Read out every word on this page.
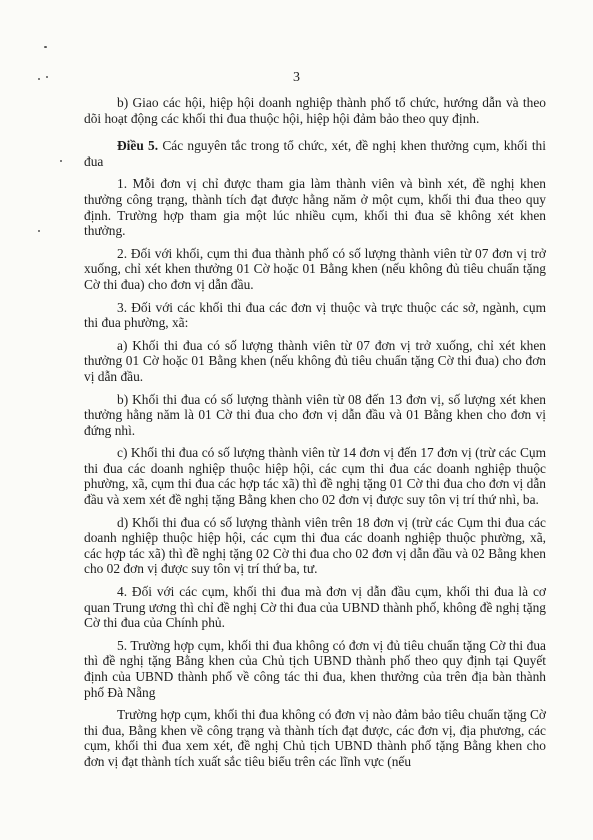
3

b) Giao các hội, hiệp hội doanh nghiệp thành phố tổ chức, hướng dẫn và theo dõi hoạt động các khối thi đua thuộc hội, hiệp hội đảm bảo theo quy định.

Điều 5. Các nguyên tắc trong tổ chức, xét, đề nghị khen thưởng cụm, khối thi đua

1. Mỗi đơn vị chỉ được tham gia làm thành viên và bình xét, đề nghị khen thưởng công trạng, thành tích đạt được hằng năm ở một cụm, khối thi đua theo quy định. Trường hợp tham gia một lúc nhiều cụm, khối thi đua sẽ không xét khen thưởng.

2. Đối với khối, cụm thi đua thành phố có số lượng thành viên từ 07 đơn vị trở xuống, chỉ xét khen thưởng 01 Cờ hoặc 01 Bằng khen (nếu không đủ tiêu chuẩn tặng Cờ thi đua) cho đơn vị dẫn đầu.

3. Đối với các khối thi đua các đơn vị thuộc và trực thuộc các sở, ngành, cụm thi đua phường, xã:

a) Khối thi đua có số lượng thành viên từ 07 đơn vị trở xuống, chỉ xét khen thưởng 01 Cờ hoặc 01 Bằng khen (nếu không đủ tiêu chuẩn tặng Cờ thi đua) cho đơn vị dẫn đầu.

b) Khối thi đua có số lượng thành viên từ 08 đến 13 đơn vị, số lượng xét khen thưởng hằng năm là 01 Cờ thi đua cho đơn vị dẫn đầu và 01 Bằng khen cho đơn vị đứng nhì.

c) Khối thi đua có số lượng thành viên từ 14 đơn vị đến 17 đơn vị (trừ các Cụm thi đua các doanh nghiệp thuộc hiệp hội, các cụm thi đua các doanh nghiệp thuộc phường, xã, cụm thi đua các hợp tác xã) thì đề nghị tặng 01 Cờ thi đua cho đơn vị dẫn đầu và xem xét đề nghị tặng Bằng khen cho 02 đơn vị được suy tôn vị trí thứ nhì, ba.

d) Khối thi đua có số lượng thành viên trên 18 đơn vị (trừ các Cụm thi đua các doanh nghiệp thuộc hiệp hội, các cụm thi đua các doanh nghiệp thuộc phường, xã, các hợp tác xã) thì đề nghị tặng 02 Cờ thi đua cho 02 đơn vị dẫn đầu và 02 Bằng khen cho 02 đơn vị được suy tôn vị trí thứ ba, tư.

4. Đối với các cụm, khối thi đua mà đơn vị dẫn đầu cụm, khối thi đua là cơ quan Trung ương thì chỉ đề nghị Cờ thi đua của UBND thành phố, không đề nghị tặng Cờ thi đua của Chính phủ.

5. Trường hợp cụm, khối thi đua không có đơn vị đủ tiêu chuẩn tặng Cờ thi đua thì đề nghị tặng Bằng khen của Chủ tịch UBND thành phố theo quy định tại Quyết định của UBND thành phố về công tác thi đua, khen thưởng của trên địa bàn thành phố Đà Nẵng

Trường hợp cụm, khối thi đua không có đơn vị nào đảm bảo tiêu chuẩn tặng Cờ thi đua, Bằng khen về công trạng và thành tích đạt được, các đơn vị, địa phương, các cụm, khối thi đua xem xét, đề nghị Chủ tịch UBND thành phố tặng Bằng khen cho đơn vị đạt thành tích xuất sắc tiêu biểu trên các lĩnh vực (nếu
